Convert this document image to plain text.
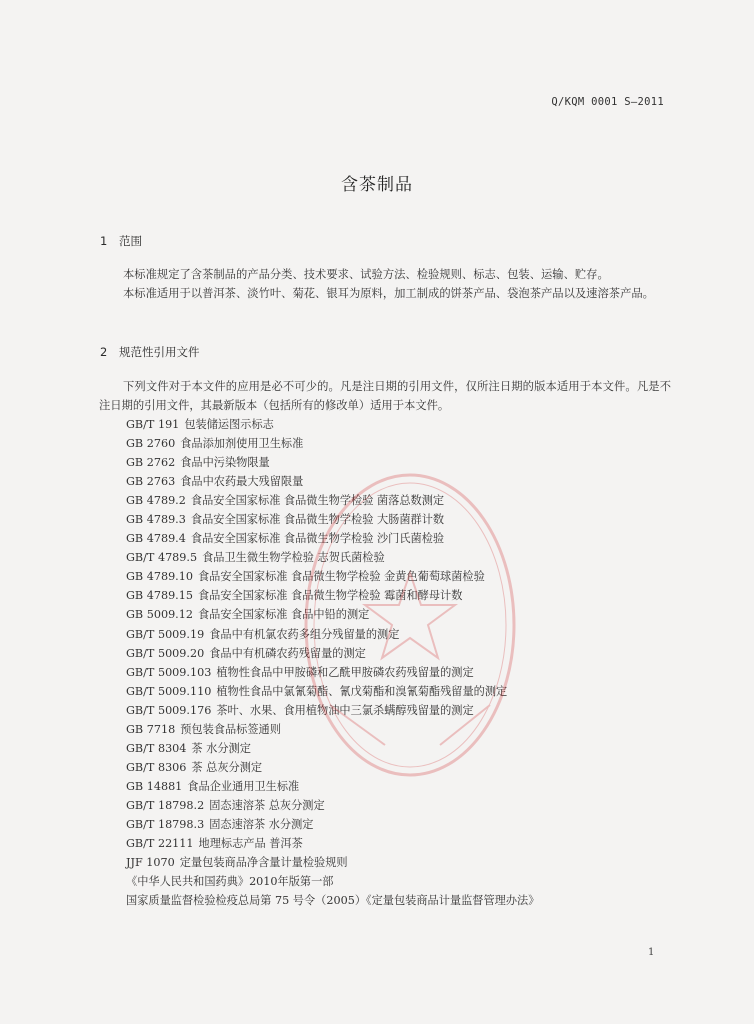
Q/KQM 0001 S—2011
含茶制品
1 范围

本标准规定了含茶制品的产品分类、技术要求、试验方法、检验规则、标志、包装、运输、贮存。

本标准适用于以普洱茶、淡竹叶、菊花、银耳为原料，加工制成的饼茶产品、袋泡茶产品以及速溶茶产品。

2 规范性引用文件

下列文件对于本文件的应用是必不可少的。凡是注日期的引用文件，仅所注日期的版本适用于本文件。凡是不注日期的引用文件，其最新版本（包括所有的修改单）适用于本文件。

GB/T 191 包装储运图示标志
GB 2760 食品添加剂使用卫生标准
GB 2762 食品中污染物限量
GB 2763 食品中农药最大残留限量
GB 4789.2 食品安全国家标准 食品微生物学检验 菌落总数测定
GB 4789.3 食品安全国家标准 食品微生物学检验 大肠菌群计数
GB 4789.4 食品安全国家标准 食品微生物学检验 沙门氏菌检验
GB/T 4789.5 食品卫生微生物学检验 志贺氏菌检验
GB 4789.10 食品安全国家标准 食品微生物学检验 金黄色葡萄球菌检验
GB 4789.15 食品安全国家标准 食品微生物学检验 霉菌和酵母计数
GB 5009.12 食品安全国家标准 食品中铅的测定
GB/T 5009.19 食品中有机氯农药多组分残留量的测定
GB/T 5009.20 食品中有机磷农药残留量的测定
GB/T 5009.103 植物性食品中甲胺磷和乙酰甲胺磷农药残留量的测定
GB/T 5009.110 植物性食品中氯氰菊酯、氰戊菊酯和溴氰菊酯残留量的测定
GB/T 5009.176 茶叶、水果、食用植物油中三氯杀螨醇残留量的测定
GB 7718 预包装食品标签通则
GB/T 8304 茶 水分测定
GB/T 8306 茶 总灰分测定
GB 14881 食品企业通用卫生标准
GB/T 18798.2 固态速溶茶 总灰分测定
GB/T 18798.3 固态速溶茶 水分测定
GB/T 22111 地理标志产品 普洱茶
JJF 1070 定量包装商品净含量计量检验规则
《中华人民共和国药典》2010年版第一部
国家质量监督检验检疫总局第 75 号令（2005）《定量包装商品计量监督管理办法》
1
